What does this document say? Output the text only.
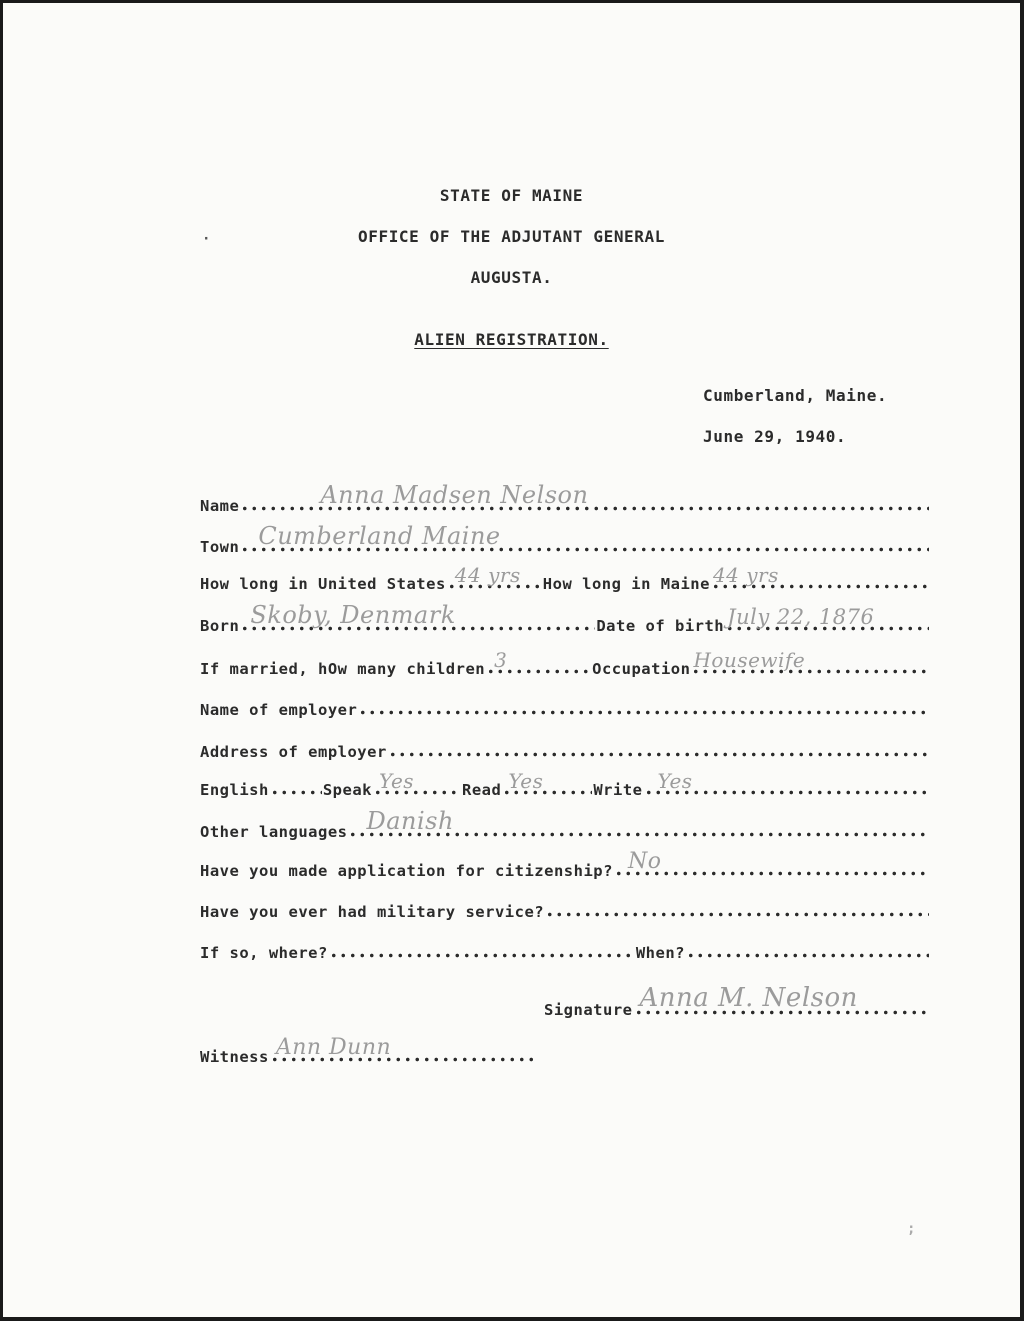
STATE OF MAINE
OFFICE OF THE ADJUTANT GENERAL
AUGUSTA.
ALIEN REGISTRATION.
·
Cumberland, Maine.
June 29, 1940.
Name	Anna Madsen Nelson
Town Cumberland Maine
How long in United States 44 yrs How long in Maine 44 yrs
Born Skoby, Denmark	Date of birth July 22, 1876
If married, hOw many children 3	Occupation Housewife
Name of employer
Address of employer
English	Speak Yes	Read Yes	Write Yes
Other languages Danish
Have you made application for citizenship? No
Have you ever had military service?
If so, where?	When?
Signature Anna M. Nelson
Witness Ann Dunn
;
